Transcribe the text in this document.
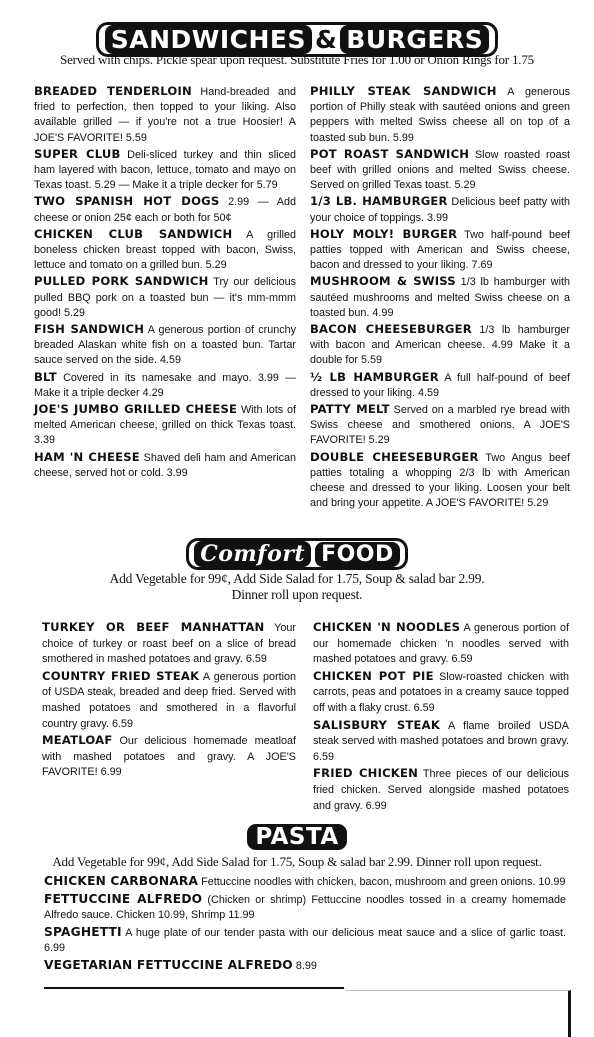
SANDWICHES & BURGERS
Served with chips. Pickle spear upon request. Substitute Fries for 1.00 or Onion Rings for 1.75
BREADED TENDERLOIN Hand-breaded and fried to perfection, then topped to your liking. Also available grilled — if you're not a true Hoosier! A JOE'S FAVORITE! 5.59
SUPER CLUB Deli-sliced turkey and thin sliced ham layered with bacon, lettuce, tomato and mayo on Texas toast. 5.29 — Make it a triple decker for 5.79
TWO SPANISH HOT DOGS 2.99 — Add cheese or onion 25¢ each or both for 50¢
CHICKEN CLUB SANDWICH A grilled boneless chicken breast topped with bacon, Swiss, lettuce and tomato on a grilled bun. 5.29
PULLED PORK SANDWICH Try our delicious pulled BBQ pork on a toasted bun — it's mm-mmm good! 5.29
FISH SANDWICH A generous portion of crunchy breaded Alaskan white fish on a toasted bun. Tartar sauce served on the side. 4.59
BLT Covered in its namesake and mayo. 3.99 — Make it a triple decker 4.29
JOE'S JUMBO GRILLED CHEESE With lots of melted American cheese, grilled on thick Texas toast. 3.39
HAM 'N CHEESE Shaved deli ham and American cheese, served hot or cold. 3.99
PHILLY STEAK SANDWICH A generous portion of Philly steak with sautéed onions and green peppers with melted Swiss cheese all on top of a toasted sub bun. 5.99
POT ROAST SANDWICH Slow roasted roast beef with grilled onions and melted Swiss cheese. Served on grilled Texas toast. 5.29
1/3 LB. HAMBURGER Delicious beef patty with your choice of toppings. 3.99
HOLY MOLY! BURGER Two half-pound beef patties topped with American and Swiss cheese, bacon and dressed to your liking. 7.69
MUSHROOM & SWISS 1/3 lb hamburger with sautéed mushrooms and melted Swiss cheese on a toasted bun. 4.99
BACON CHEESEBURGER 1/3 lb hamburger with bacon and American cheese. 4.99 Make it a double for 5.59
½ LB HAMBURGER A full half-pound of beef dressed to your liking. 4.59
PATTY MELT Served on a marbled rye bread with Swiss cheese and smothered onions. A JOE'S FAVORITE! 5.29
DOUBLE CHEESEBURGER Two Angus beef patties totaling a whopping 2/3 lb with American cheese and dressed to your liking. Loosen your belt and bring your appetite. A JOE'S FAVORITE! 5.29

Comfort FOOD
Add Vegetable for 99¢, Add Side Salad for 1.75, Soup & salad bar 2.99.
Dinner roll upon request.
TURKEY OR BEEF MANHATTAN Your choice of turkey or roast beef on a slice of bread smothered in mashed potatoes and gravy. 6.59
COUNTRY FRIED STEAK A generous portion of USDA steak, breaded and deep fried. Served with mashed potatoes and smothered in a flavorful country gravy. 6.59
MEATLOAF Our delicious homemade meatloaf with mashed potatoes and gravy. A JOE'S FAVORITE! 6.99
CHICKEN 'N NOODLES A generous portion of our homemade chicken 'n noodles served with mashed potatoes and gravy. 6.59
CHICKEN POT PIE Slow-roasted chicken with carrots, peas and potatoes in a creamy sauce topped off with a flaky crust. 6.59
SALISBURY STEAK A flame broiled USDA steak served with mashed potatoes and brown gravy. 6.59
FRIED CHICKEN Three pieces of our delicious fried chicken. Served alongside mashed potatoes and gravy. 6.99
PASTA
Add Vegetable for 99¢, Add Side Salad for 1.75, Soup & salad bar 2.99. Dinner roll upon request.
CHICKEN CARBONARA Fettuccine noodles with chicken, bacon, mushroom and green onions. 10.99
FETTUCCINE ALFREDO (Chicken or shrimp) Fettuccine noodles tossed in a creamy homemade Alfredo sauce. Chicken 10.99, Shrimp 11.99
SPAGHETTI A huge plate of our tender pasta with our delicious meat sauce and a slice of garlic toast. 6.99
VEGETARIAN FETTUCCINE ALFREDO 8.99
